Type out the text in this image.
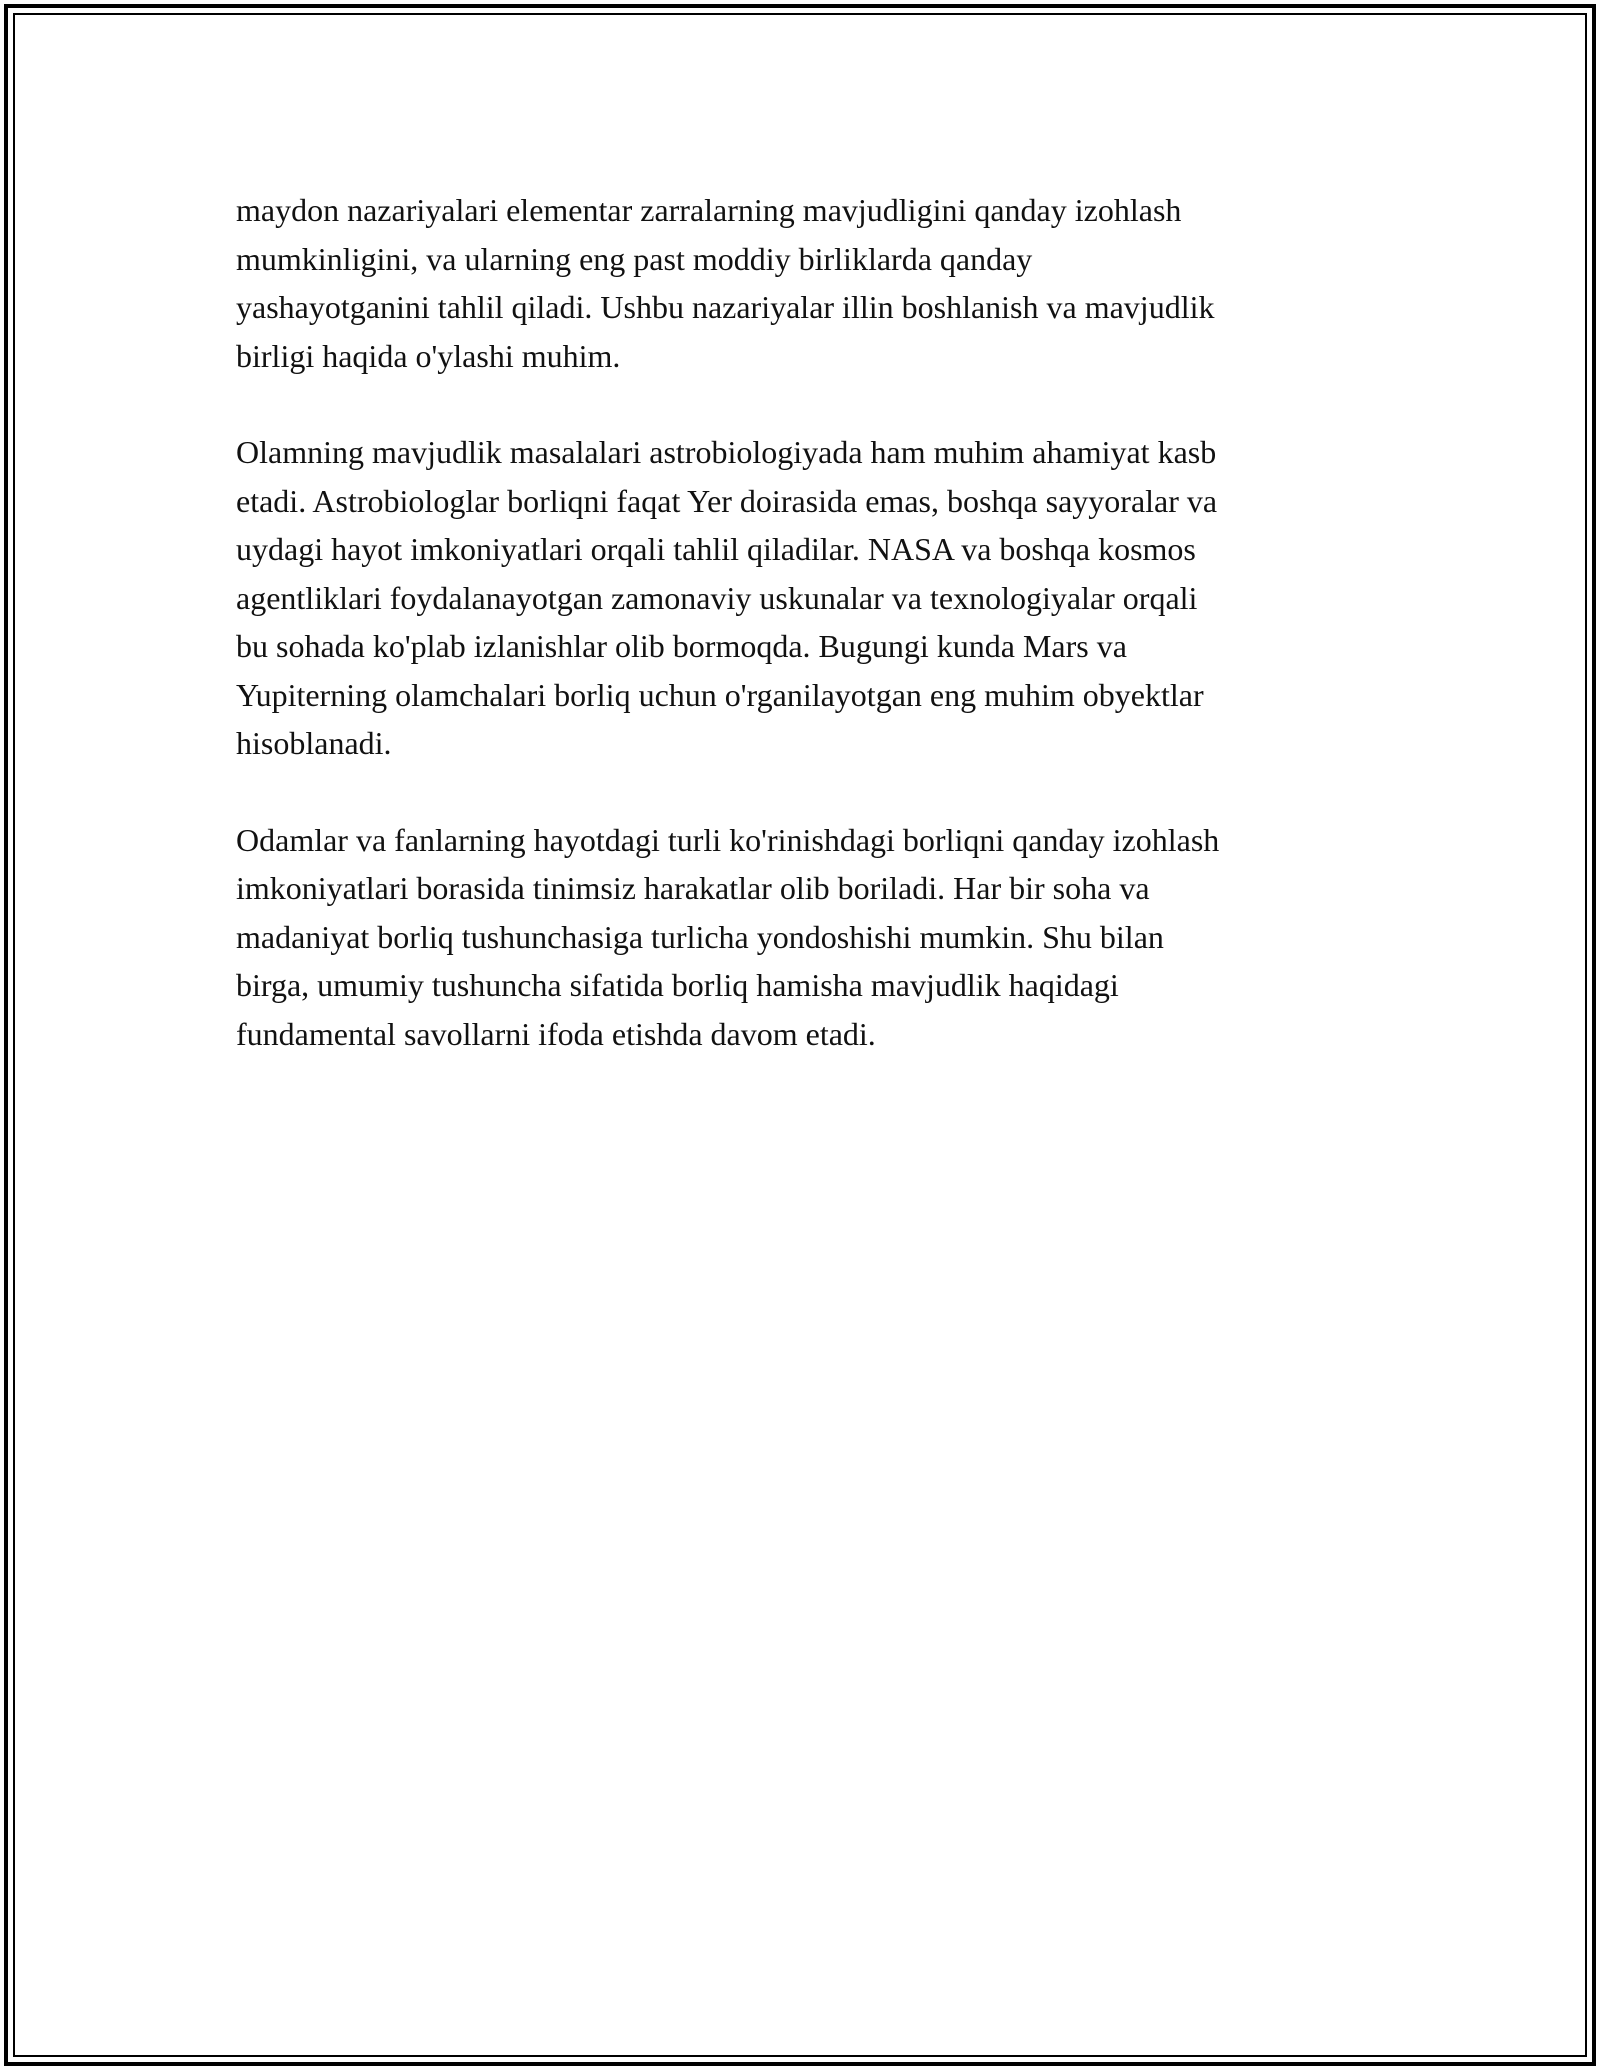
maydon nazariyalari elementar zarralarning mavjudligini qanday izohlash
mumkinligini, va ularning eng past moddiy birliklarda qanday
yashayotganini tahlil qiladi. Ushbu nazariyalar illin boshlanish va mavjudlik
birligi haqida o'ylashi muhim.

Olamning mavjudlik masalalari astrobiologiyada ham muhim ahamiyat kasb
etadi. Astrobiologlar borliqni faqat Yer doirasida emas, boshqa sayyoralar va
uydagi hayot imkoniyatlari orqali tahlil qiladilar. NASA va boshqa kosmos
agentliklari foydalanayotgan zamonaviy uskunalar va texnologiyalar orqali
bu sohada ko'plab izlanishlar olib bormoqda. Bugungi kunda Mars va
Yupiterning olamchalari borliq uchun o'rganilayotgan eng muhim obyektlar
hisoblanadi.

Odamlar va fanlarning hayotdagi turli ko'rinishdagi borliqni qanday izohlash
imkoniyatlari borasida tinimsiz harakatlar olib boriladi. Har bir soha va
madaniyat borliq tushunchasiga turlicha yondoshishi mumkin. Shu bilan
birga, umumiy tushuncha sifatida borliq hamisha mavjudlik haqidagi
fundamental savollarni ifoda etishda davom etadi.
